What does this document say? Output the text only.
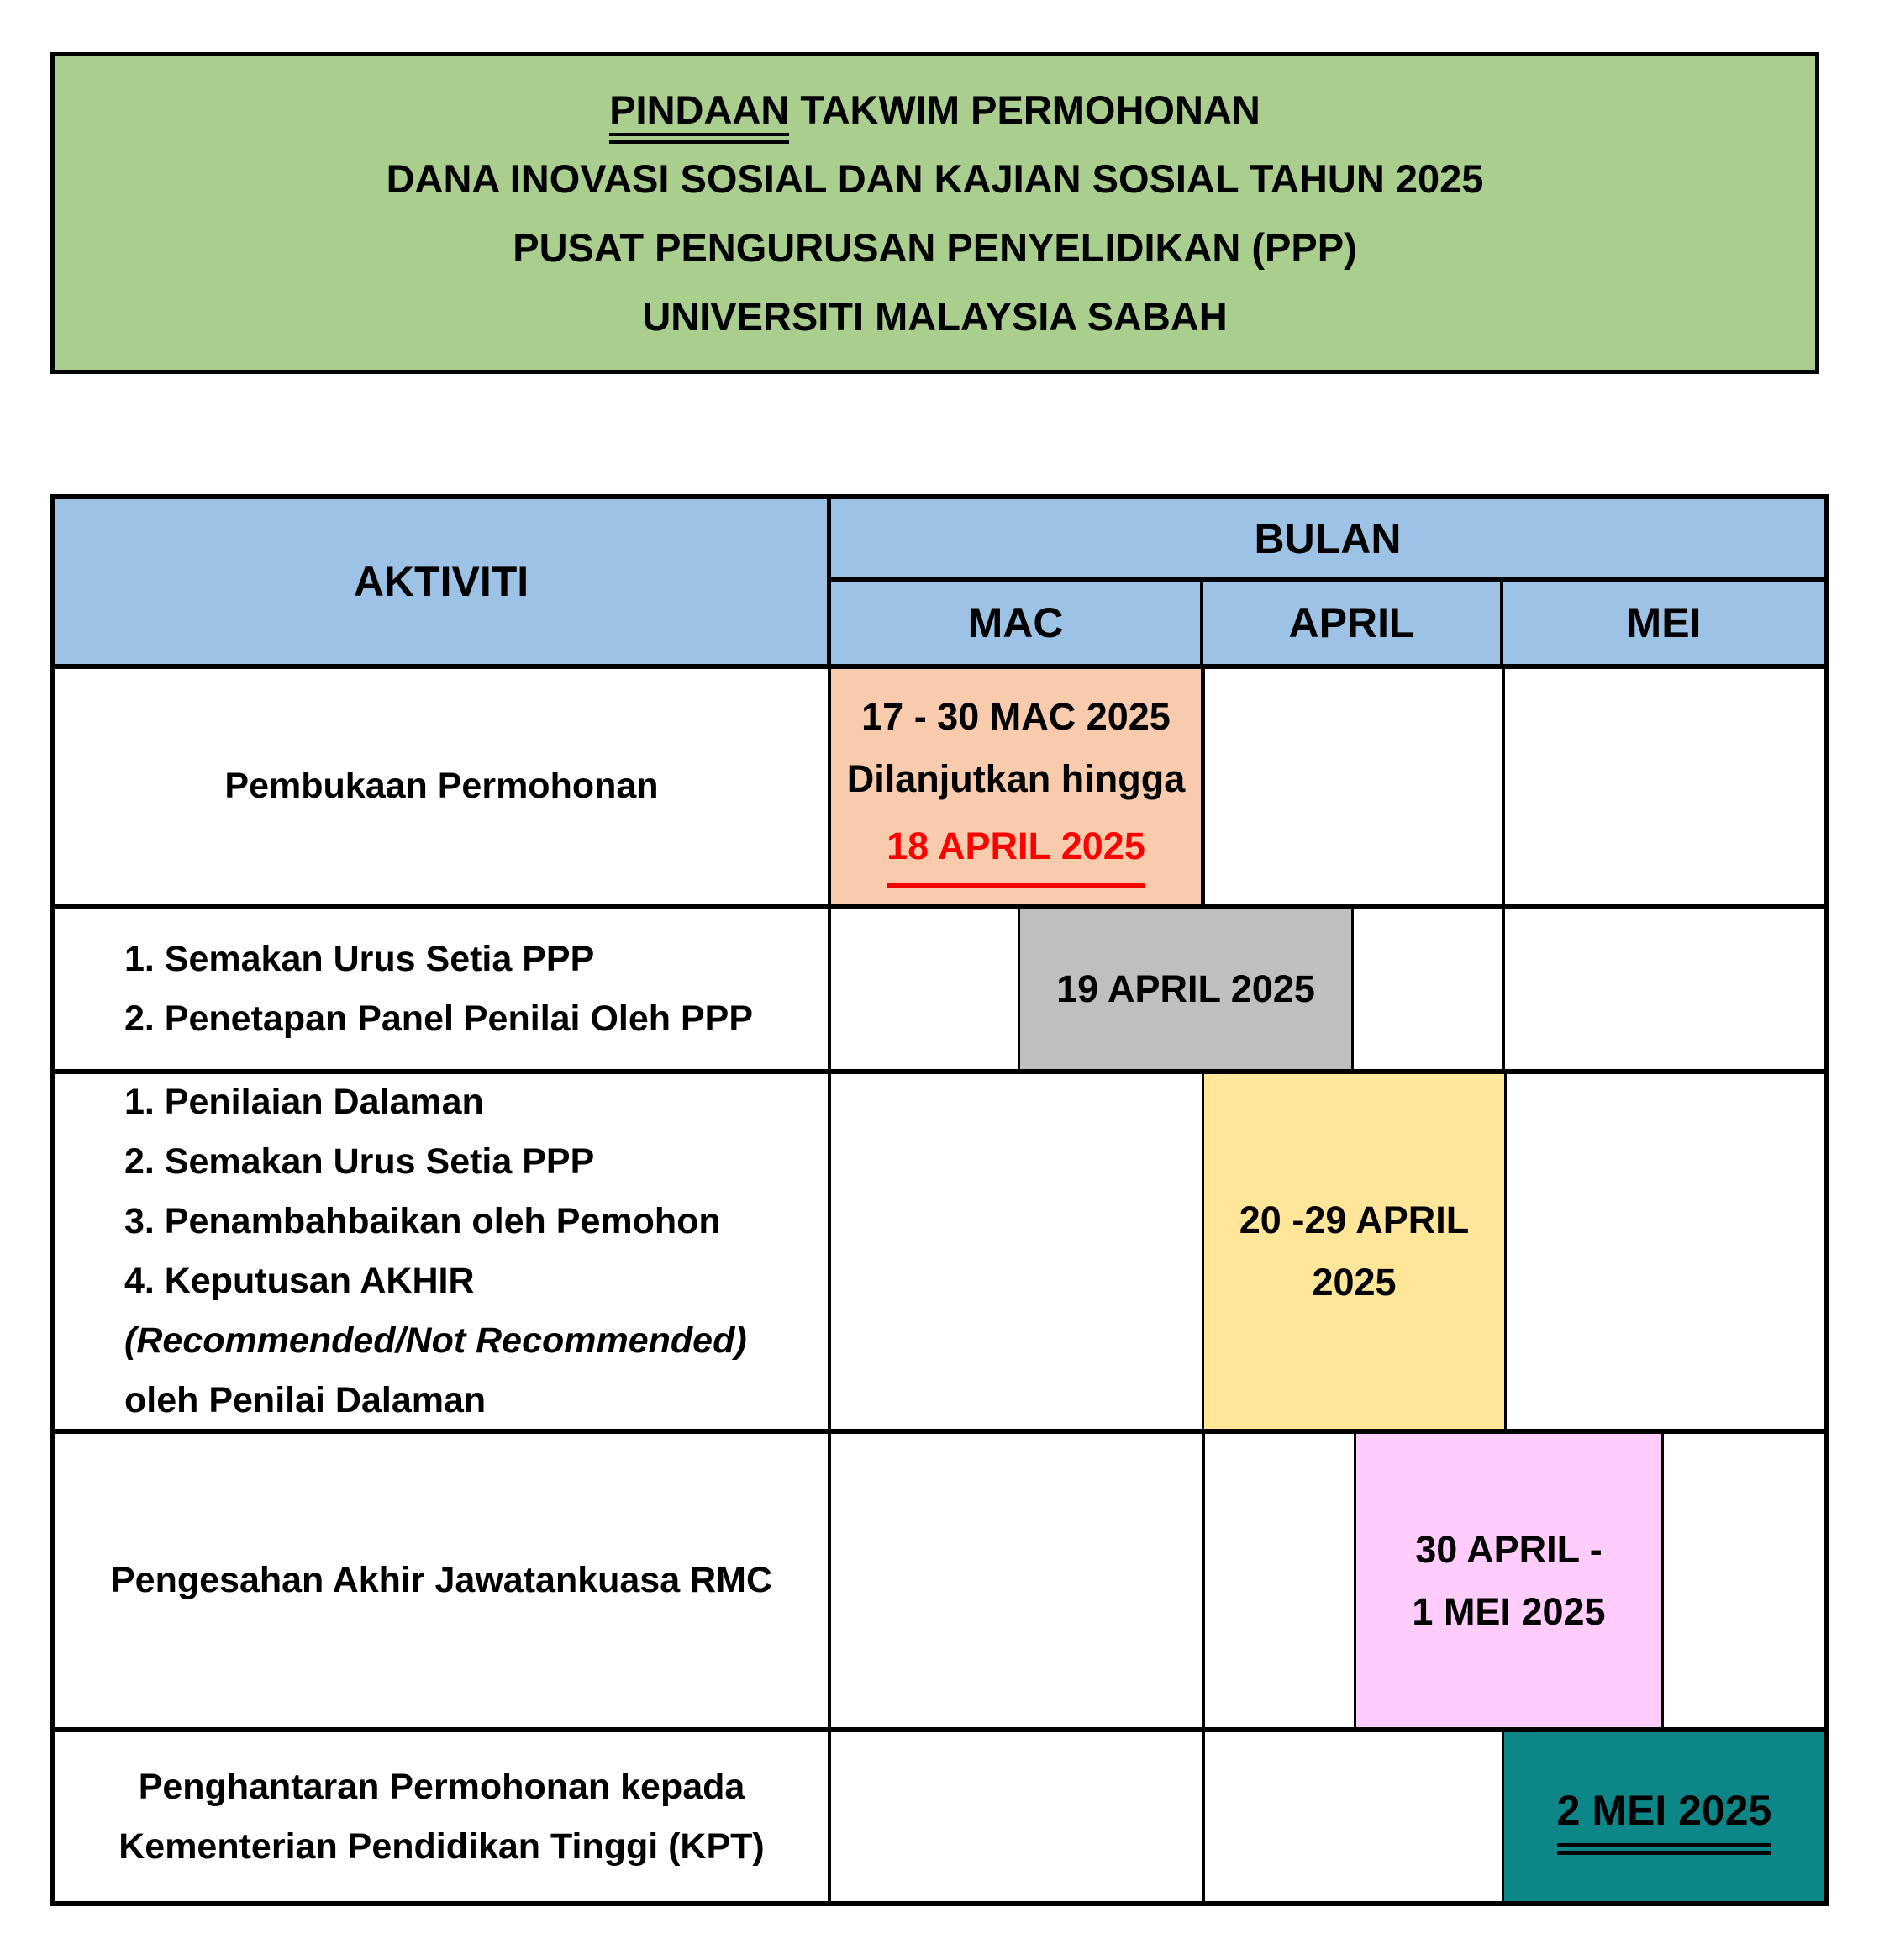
PINDAAN TAKWIM PERMOHONAN
DANA INOVASI SOSIAL DAN KAJIAN SOSIAL TAHUN 2025
PUSAT PENGURUSAN PENYELIDIKAN (PPP)
UNIVERSITI MALAYSIA SABAH
AKTIVITI
BULAN
MAC	APRIL	MEI
Pembukaan Permohonan
17 - 30 MAC 2025
Dilanjutkan hingga
18 APRIL 2025
1. Semakan Urus Setia PPP
2. Penetapan Panel Penilai Oleh PPP
19 APRIL 2025
1. Penilaian Dalaman
2. Semakan Urus Setia PPP
3. Penambahbaikan oleh Pemohon
4. Keputusan AKHIR
(Recommended/Not Recommended)
oleh Penilai Dalaman
20 -29 APRIL
2025
Pengesahan Akhir Jawatankuasa RMC
30 APRIL -
1 MEI 2025
Penghantaran Permohonan kepada
Kementerian Pendidikan Tinggi (KPT)
2 MEI 2025
